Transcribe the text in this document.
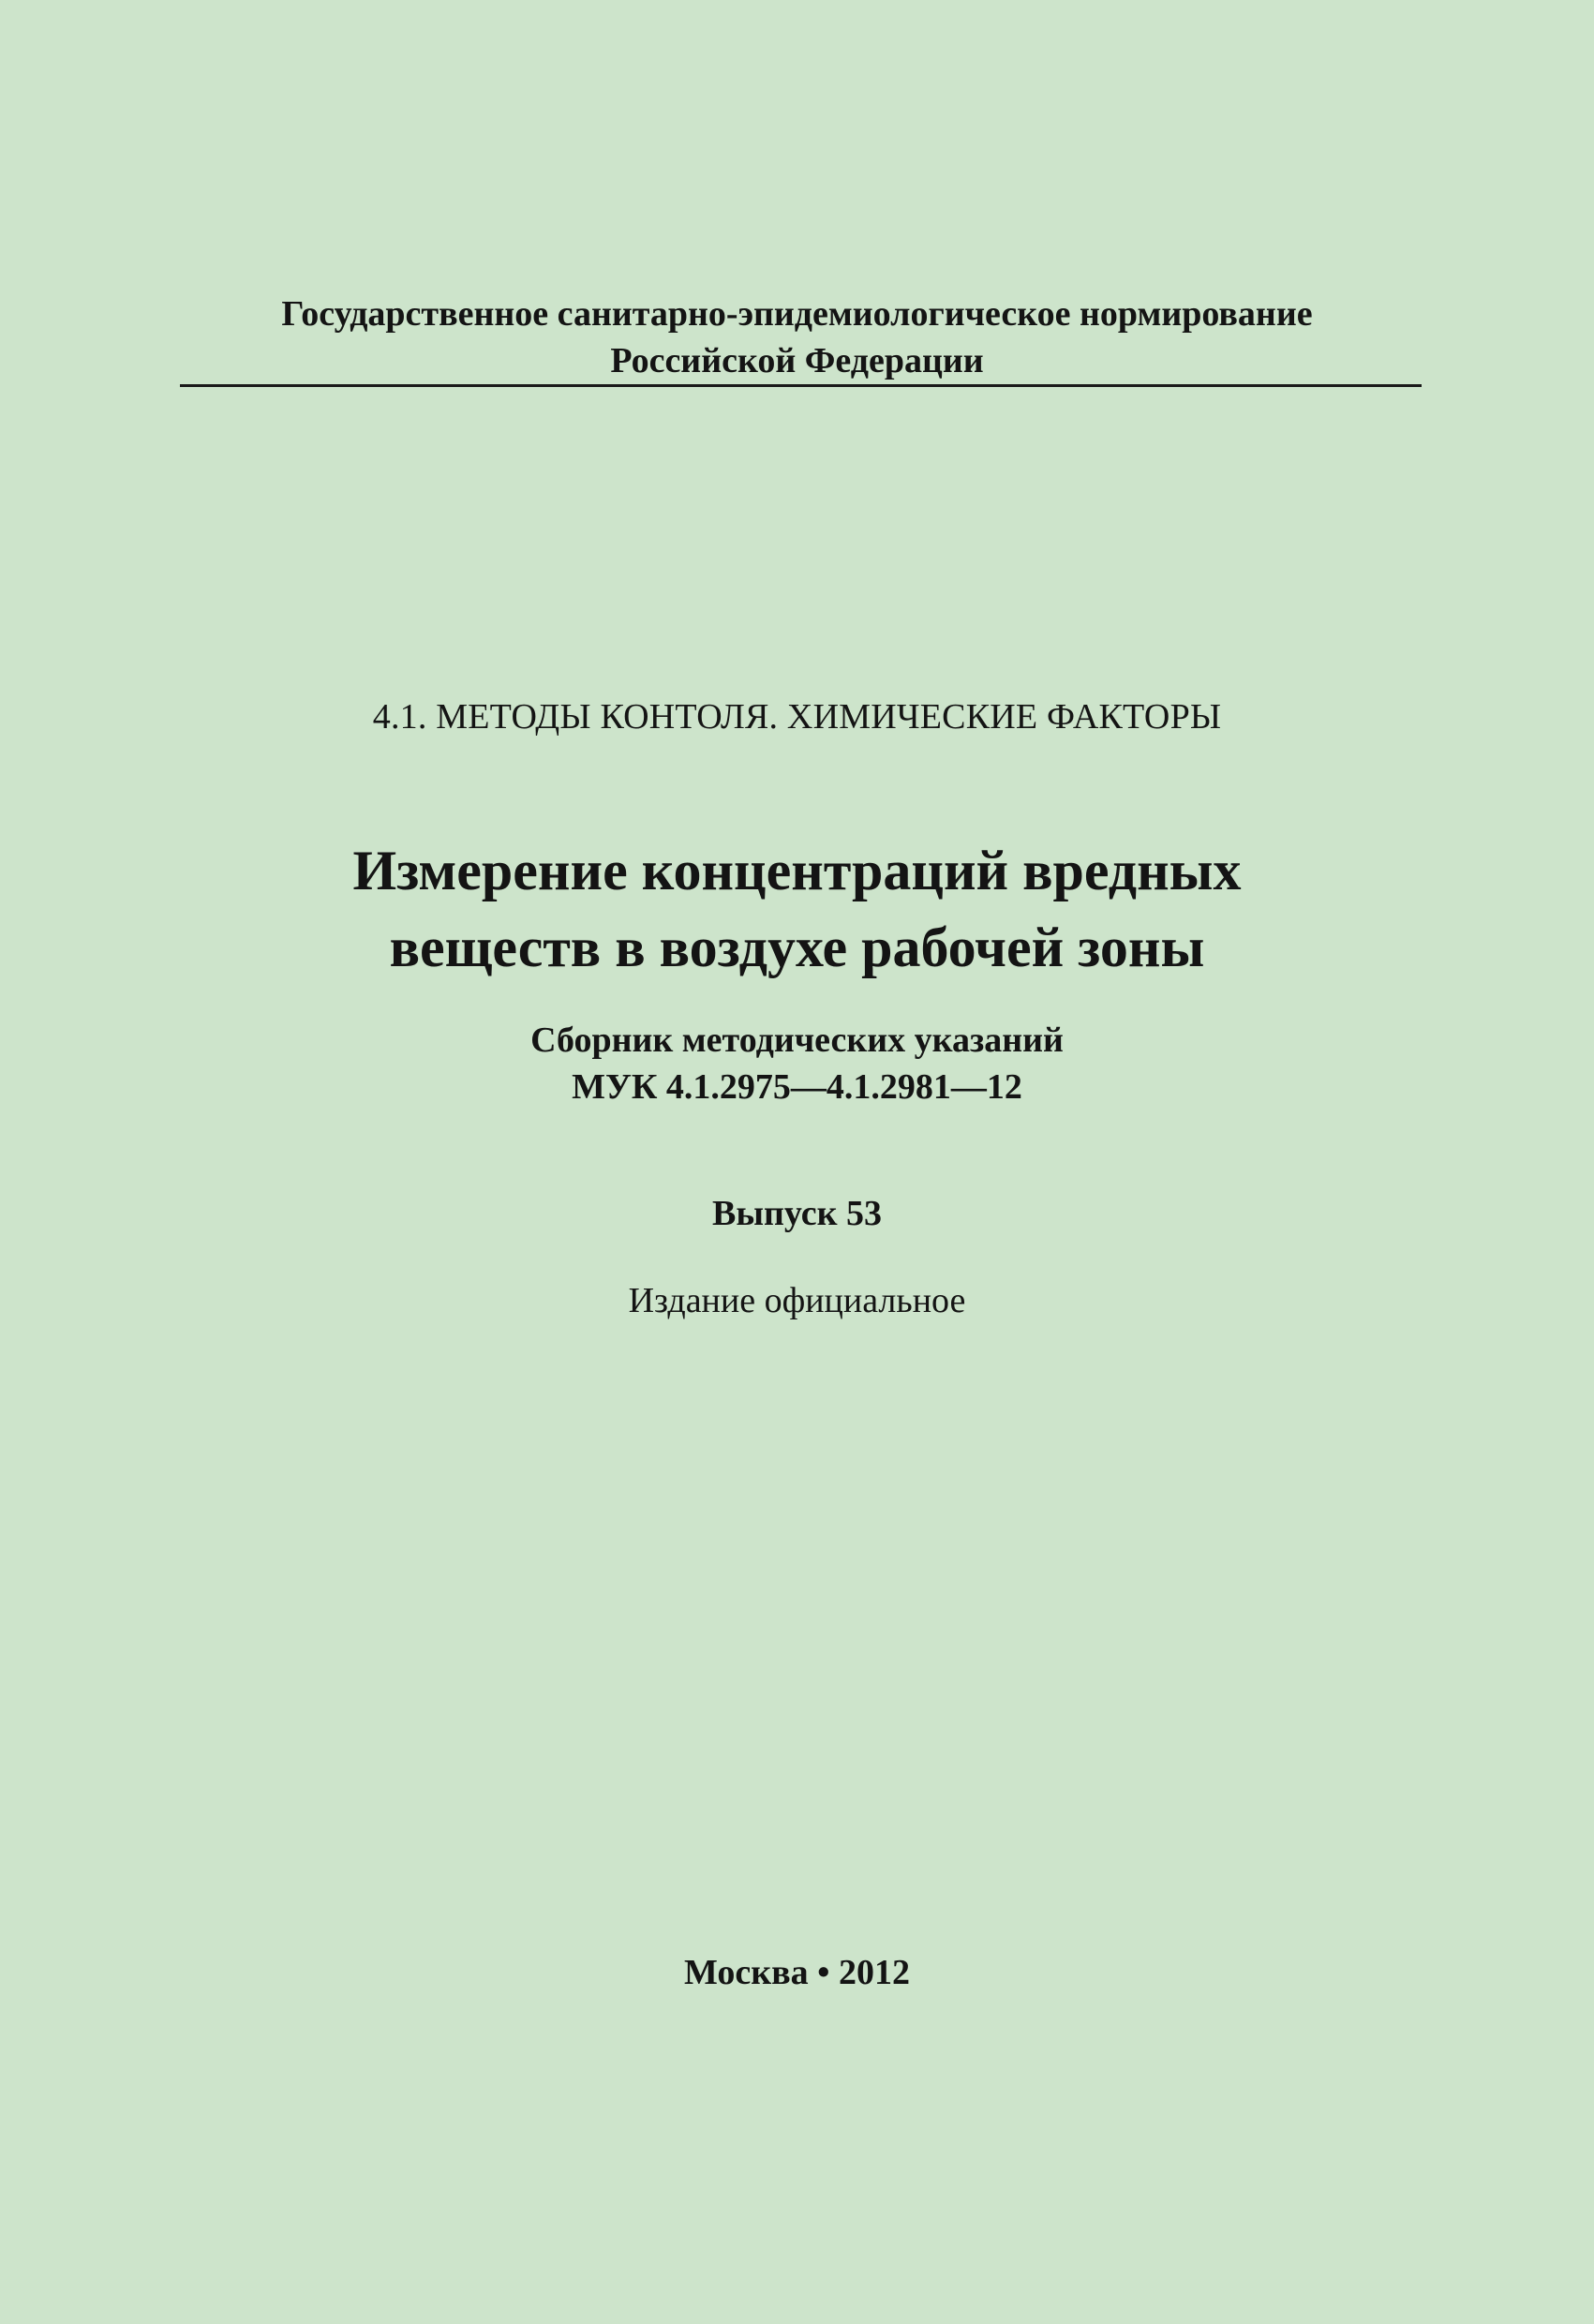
Государственное санитарно-эпидемиологическое нормирование
Российской Федерации
4.1. МЕТОДЫ КОНТОЛЯ. ХИМИЧЕСКИЕ ФАКТОРЫ
Измерение концентраций вредных
веществ в воздухе рабочей зоны
Сборник методических указаний
МУК 4.1.2975—4.1.2981—12
Выпуск 53
Издание официальное
Москва • 2012
